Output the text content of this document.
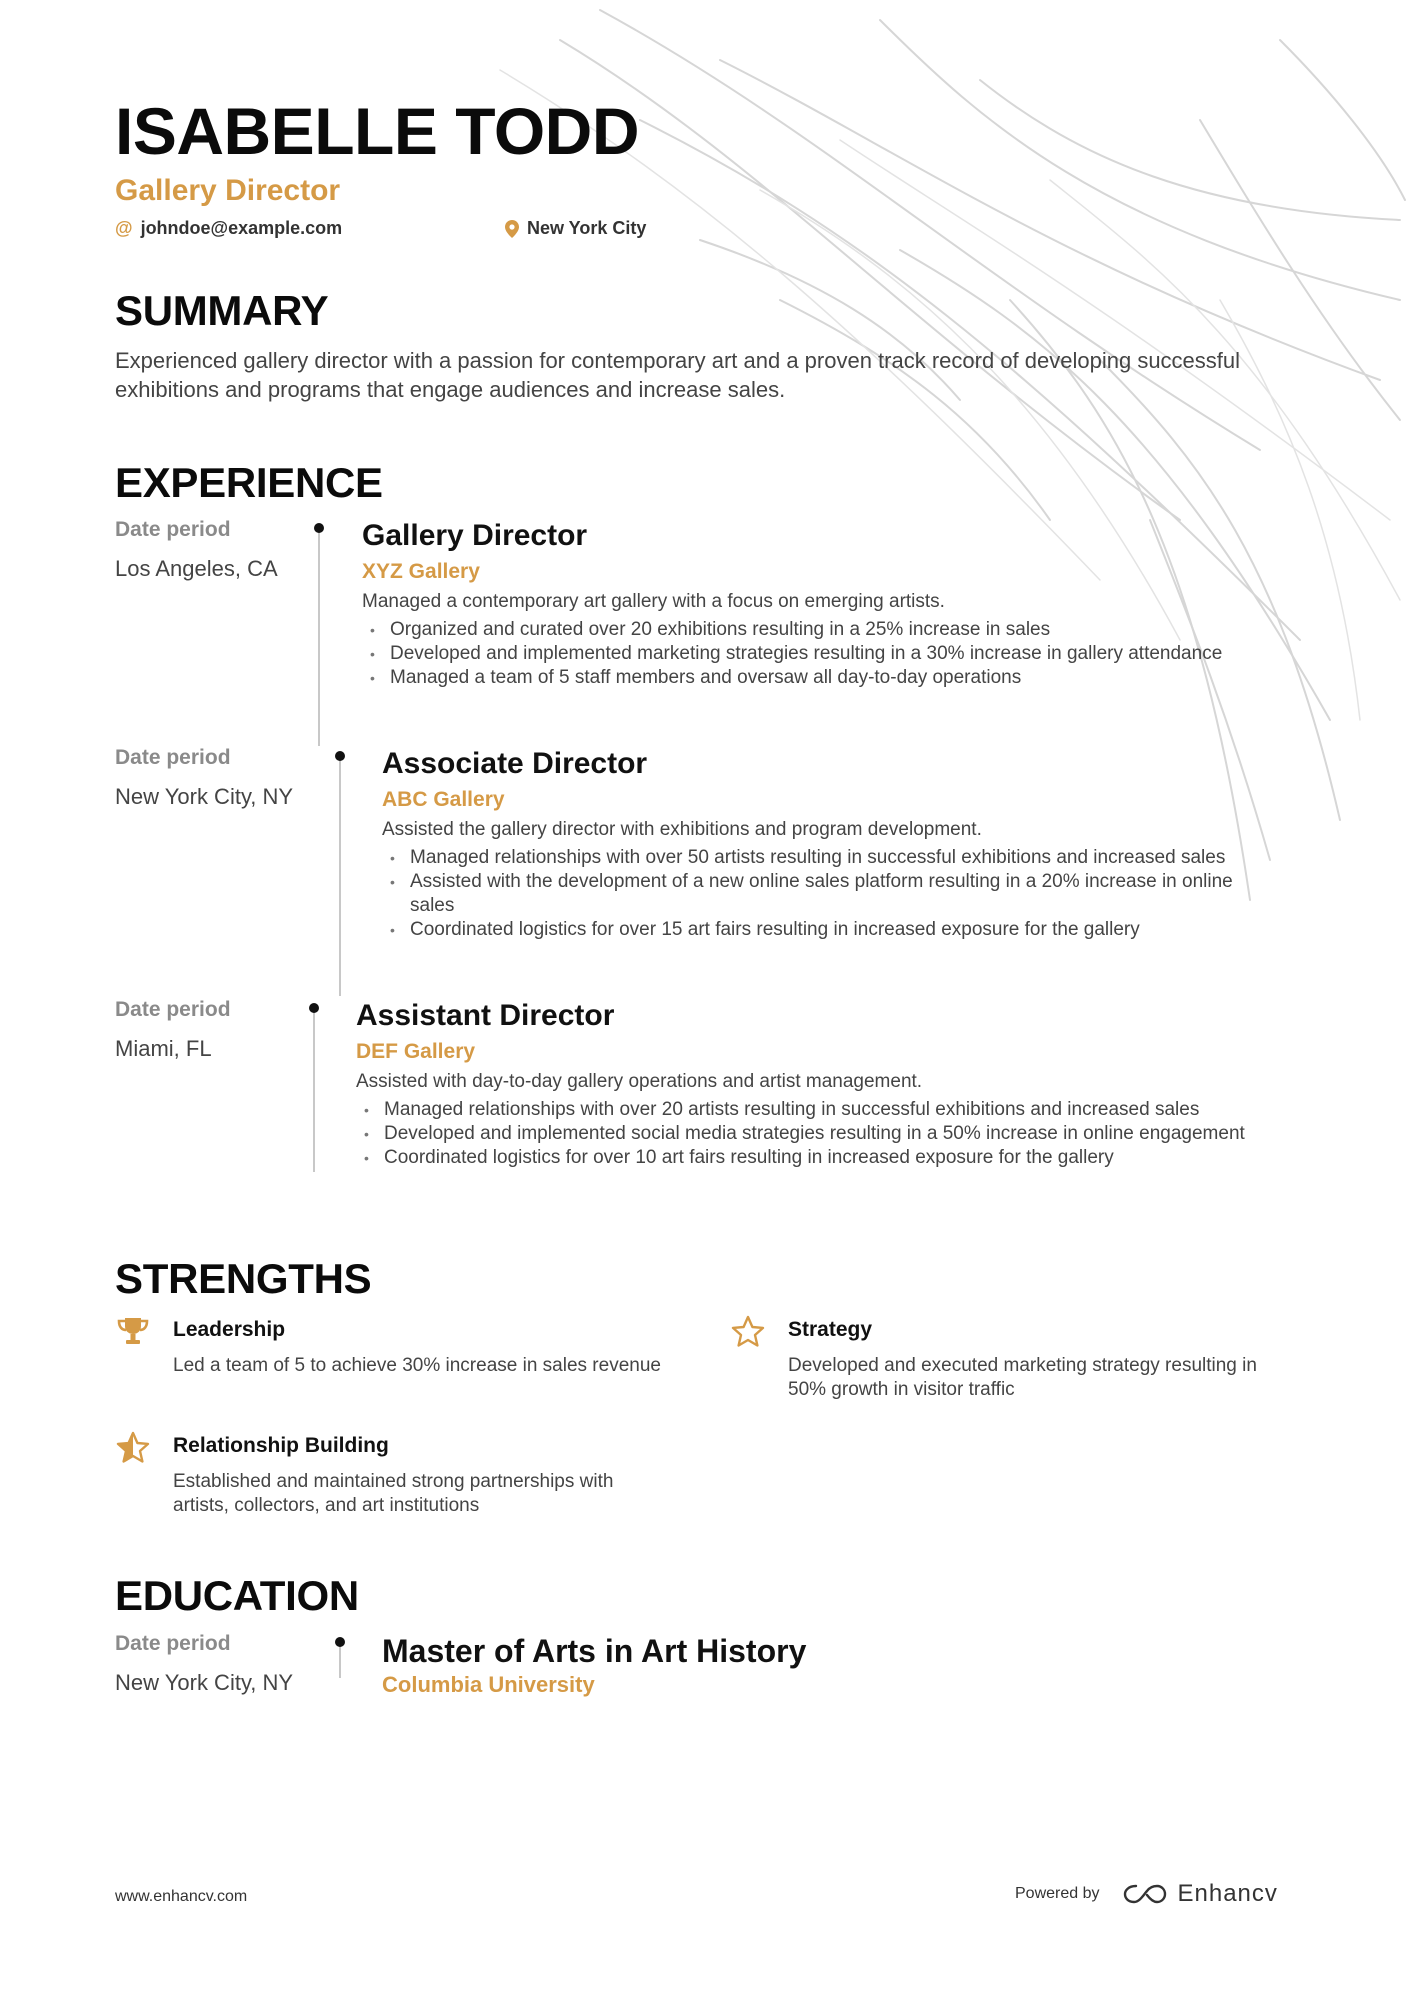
ISABELLE TODD
Gallery Director
@ johndoe@example.com	New York City
SUMMARY

Experienced gallery director with a passion for contemporary art and a proven track record of developing successful exhibitions and programs that engage audiences and increase sales.

EXPERIENCE
Date period
Los Angeles, CA
Gallery Director
XYZ Gallery
Managed a contemporary art gallery with a focus on emerging artists.
• Organized and curated over 20 exhibitions resulting in a 25% increase in sales
• Developed and implemented marketing strategies resulting in a 30% increase in gallery attendance
• Managed a team of 5 staff members and oversaw all day-to-day operations
Date period
New York City, NY
Associate Director
ABC Gallery
Assisted the gallery director with exhibitions and program development.
• Managed relationships with over 50 artists resulting in successful exhibitions and increased sales
• Assisted with the development of a new online sales platform resulting in a 20% increase in online sales
• Coordinated logistics for over 15 art fairs resulting in increased exposure for the gallery
Date period
Miami, FL
Assistant Director
DEF Gallery
Assisted with day-to-day gallery operations and artist management.
• Managed relationships with over 20 artists resulting in successful exhibitions and increased sales
• Developed and implemented social media strategies resulting in a 50% increase in online engagement
• Coordinated logistics for over 10 art fairs resulting in increased exposure for the gallery
STRENGTHS
Leadership
Led a team of 5 to achieve 30% increase in sales revenue
Strategy
Developed and executed marketing strategy resulting in 50% growth in visitor traffic
Relationship Building
Established and maintained strong partnerships with artists, collectors, and art institutions
EDUCATION
Date period
New York City, NY
Master of Arts in Art History
Columbia University
www.enhancv.com	Powered by	Enhancv
